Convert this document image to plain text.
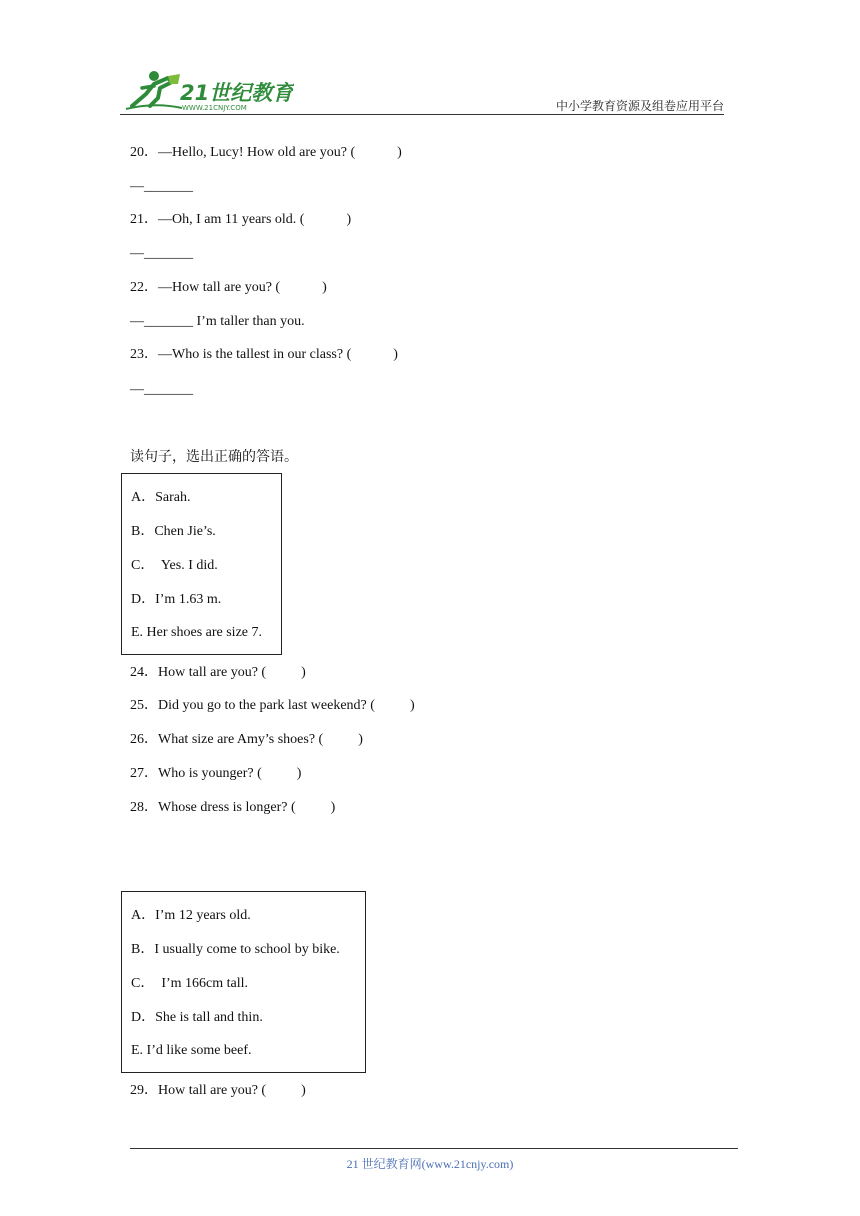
21世纪教育
WWW.21CNJY.COM	中小学教育资源及组卷应用平台
20．—Hello, Lucy! How old are you? (            )
—_______
21．—Oh, I am 11 years old. (            )
—_______
22．—How tall are you? (            )
—_______ I’m taller than you.
23．—Who is the tallest in our class? (            )
—_______
读句子，选出正确的答语。
A．Sarah.
B．Chen Jie’s.
C．  Yes. I did.
D．I’m 1.63 m.
E. Her shoes are size 7.
24．How tall are you? (          )
25．Did you go to the park last weekend? (          )
26．What size are Amy’s shoes? (          )
27．Who is younger? (          )
28．Whose dress is longer? (          )
A．I’m 12 years old.
B．I usually come to school by bike.
C．  I’m 166cm tall.
D．She is tall and thin.
E. I’d like some beef.
29．How tall are you? (          )
21 世纪教育网(www.21cnjy.com)
